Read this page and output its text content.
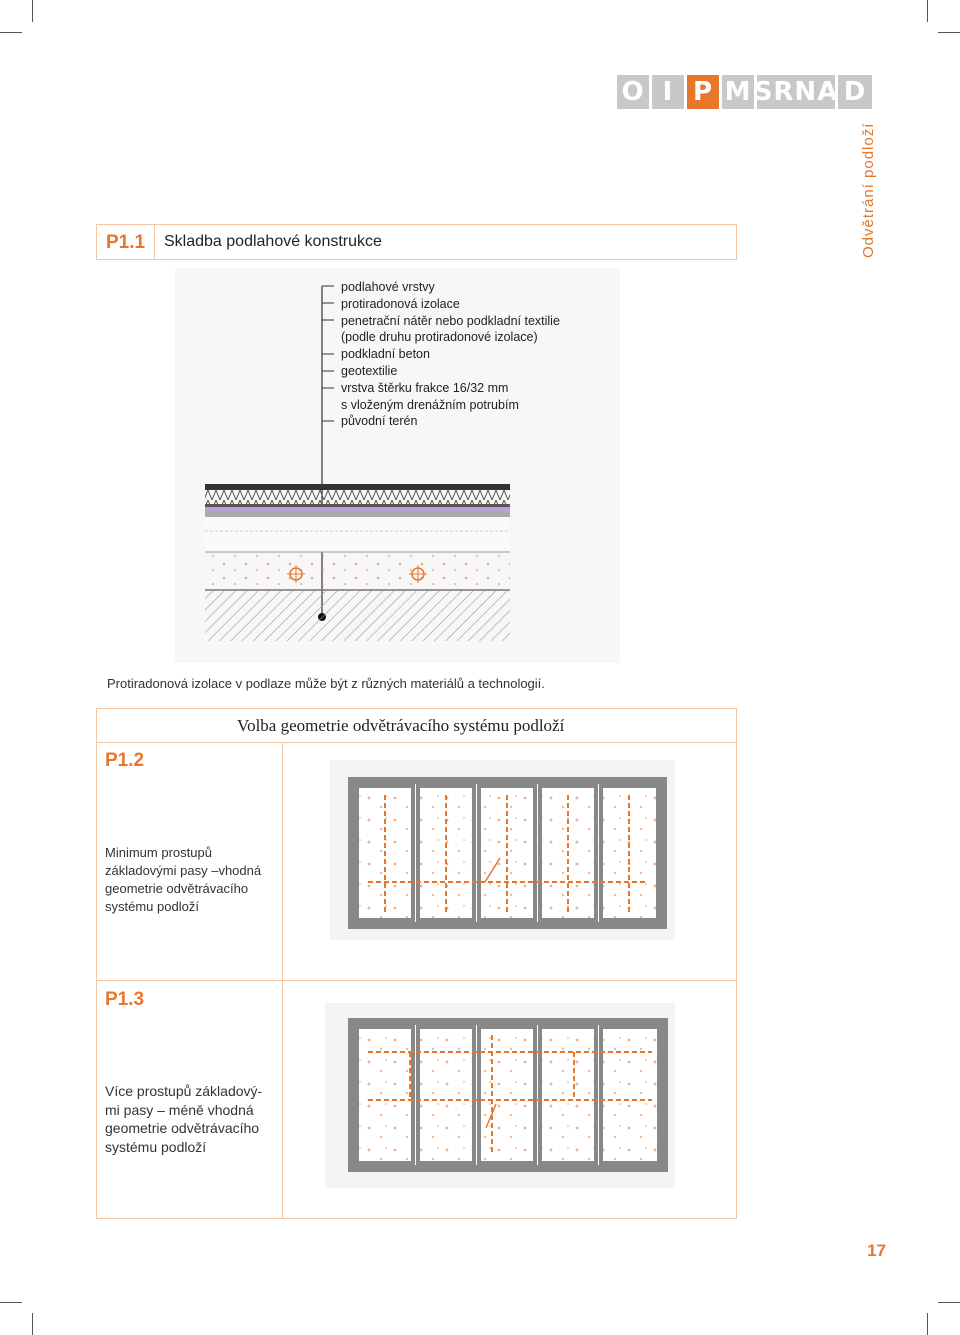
O I P M SRNA D
Odvětrání podloží
P1.1 Skladba podlahové konstrukce
podlahové vrstvy
protiradonová izolace
penetrační nátěr nebo podkladní textilie
(podle druhu protiradonové izolace)
podkladní beton
geotextilie
vrstva štěrku frakce 16/32 mm
s vloženým drenážním potrubím
původní terén
Protiradonová izolace v podlaze může být z různých materiálů a technologií.
Volba geometrie odvětrávacího systému podloží
P1.2
Minimum prostupů
základovými pasy –vhodná
geometrie odvětrávacího
systému podloží
P1.3
Více prostupů základový-
mi pasy – méně vhodná
geometrie odvětrávacího
systému podloží
17
